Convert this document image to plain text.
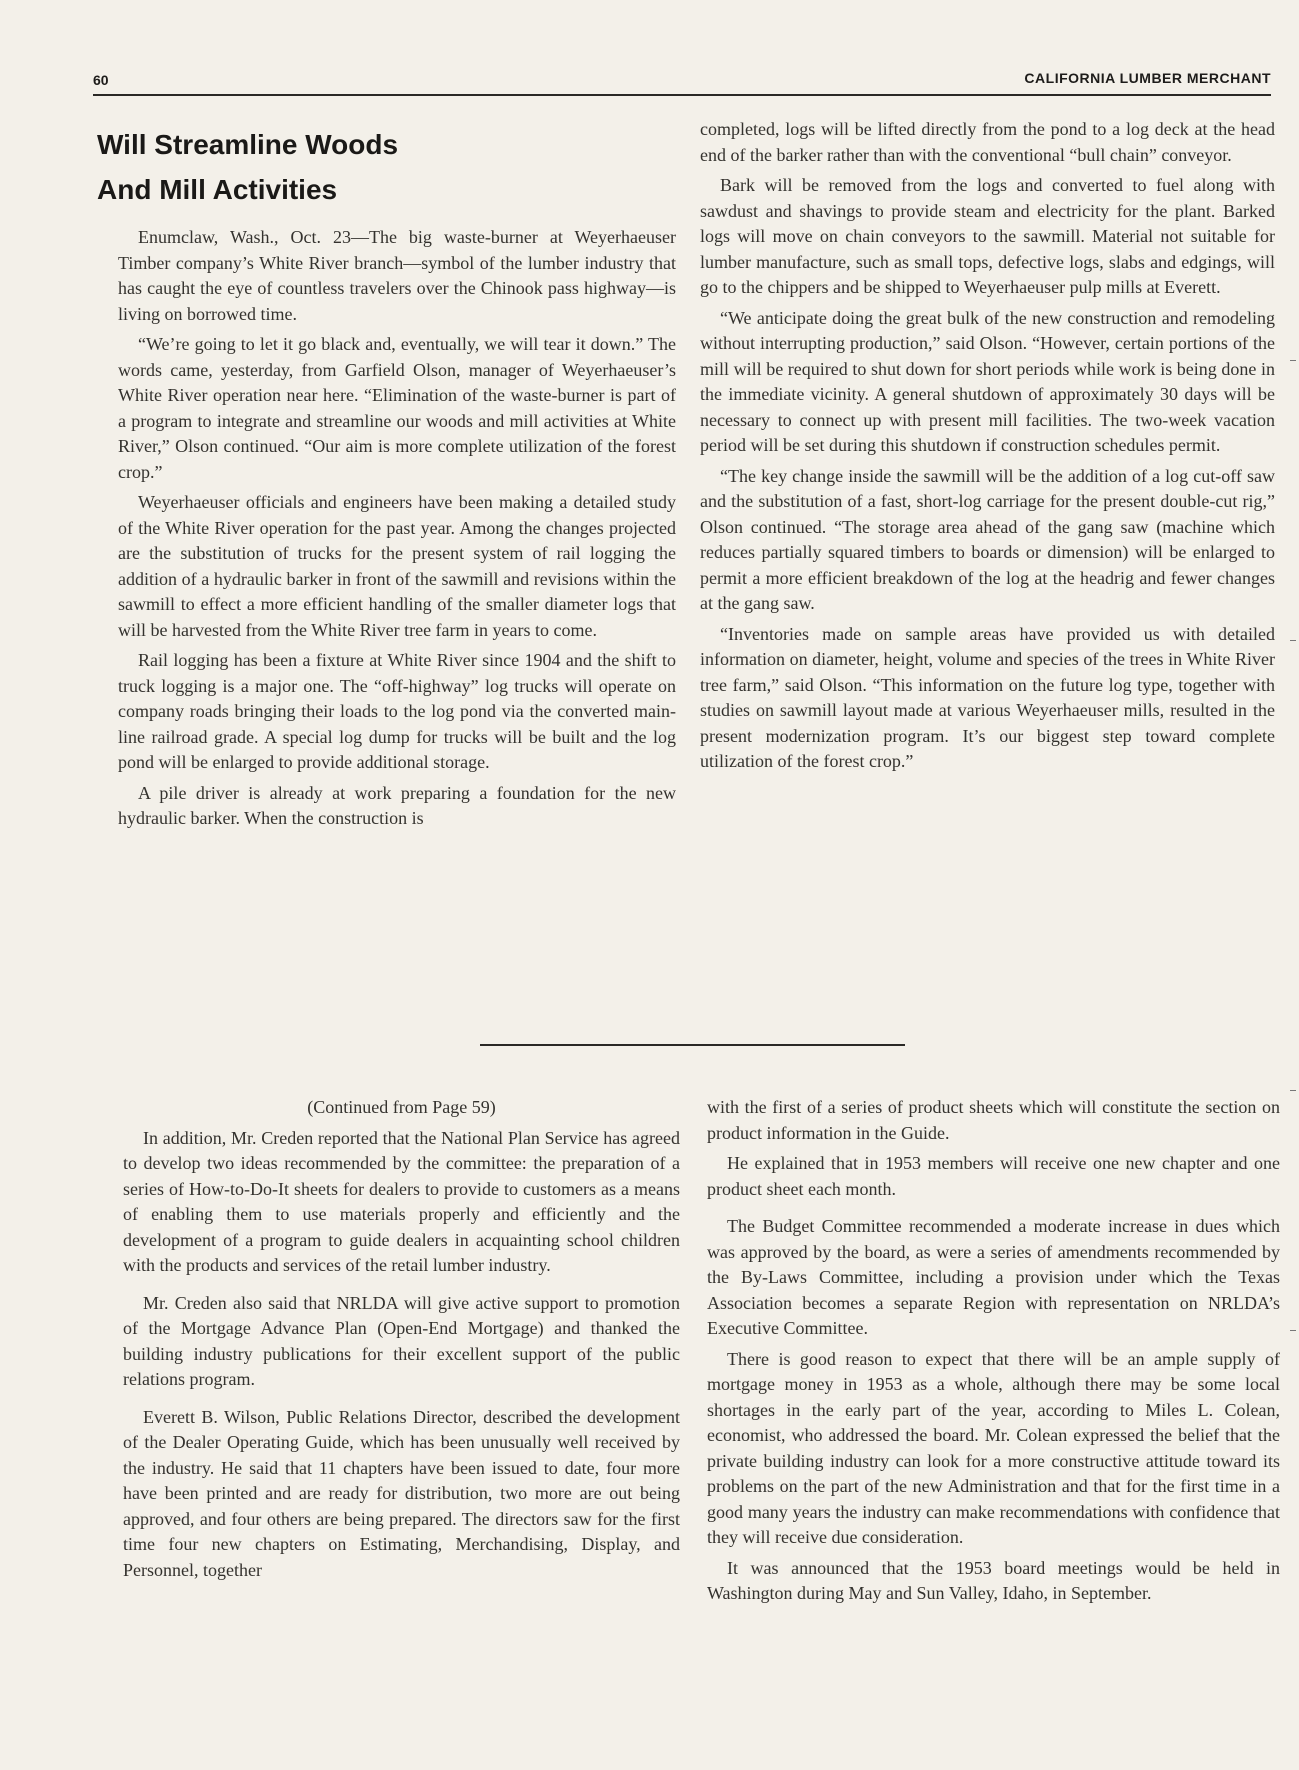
60	CALIFORNIA LUMBER MERCHANT
Will Streamline Woods
And Mill Activities

Enumclaw, Wash., Oct. 23—The big waste-burner at Weyerhaeuser Timber company’s White River branch—symbol of the lumber industry that has caught the eye of countless travelers over the Chinook pass highway—is living on borrowed time.

“We’re going to let it go black and, eventually, we will tear it down.” The words came, yesterday, from Garfield Olson, manager of Weyerhaeuser’s White River operation near here. “Elimination of the waste-burner is part of a program to integrate and streamline our woods and mill activities at White River,” Olson continued. “Our aim is more complete utilization of the forest crop.”

Weyerhaeuser officials and engineers have been making a detailed study of the White River operation for the past year. Among the changes projected are the substitution of trucks for the present system of rail logging the addition of a hydraulic barker in front of the sawmill and revisions within the sawmill to effect a more efficient handling of the smaller diameter logs that will be harvested from the White River tree farm in years to come.

Rail logging has been a fixture at White River since 1904 and the shift to truck logging is a major one. The “off-highway” log trucks will operate on company roads bringing their loads to the log pond via the converted main-line railroad grade. A special log dump for trucks will be built and the log pond will be enlarged to provide additional storage.

A pile driver is already at work preparing a foundation for the new hydraulic barker. When the construction is

completed, logs will be lifted directly from the pond to a log deck at the head end of the barker rather than with the conventional “bull chain” conveyor.

Bark will be removed from the logs and converted to fuel along with sawdust and shavings to provide steam and electricity for the plant. Barked logs will move on chain conveyors to the sawmill. Material not suitable for lumber manufacture, such as small tops, defective logs, slabs and edgings, will go to the chippers and be shipped to Weyerhaeuser pulp mills at Everett.

“We anticipate doing the great bulk of the new construction and remodeling without interrupting production,” said Olson. “However, certain portions of the mill will be required to shut down for short periods while work is being done in the immediate vicinity. A general shutdown of approximately 30 days will be necessary to connect up with present mill facilities. The two-week vacation period will be set during this shutdown if construction schedules permit.

“The key change inside the sawmill will be the addition of a log cut-off saw and the substitution of a fast, short-log carriage for the present double-cut rig,” Olson continued. “The storage area ahead of the gang saw (machine which reduces partially squared timbers to boards or dimension) will be enlarged to permit a more efficient breakdown of the log at the headrig and fewer changes at the gang saw.

“Inventories made on sample areas have provided us with detailed information on diameter, height, volume and species of the trees in White River tree farm,” said Olson. “This information on the future log type, together with studies on sawmill layout made at various Weyerhaeuser mills, resulted in the present modernization program. It’s our biggest step toward complete utilization of the forest crop.”

(Continued from Page 59)

In addition, Mr. Creden reported that the National Plan Service has agreed to develop two ideas recommended by the committee: the preparation of a series of How-to-Do-It sheets for dealers to provide to customers as a means of enabling them to use materials properly and efficiently and the development of a program to guide dealers in acquainting school children with the products and services of the retail lumber industry.

Mr. Creden also said that NRLDA will give active support to promotion of the Mortgage Advance Plan (Open-End Mortgage) and thanked the building industry publications for their excellent support of the public relations program.

Everett B. Wilson, Public Relations Director, described the development of the Dealer Operating Guide, which has been unusually well received by the industry. He said that 11 chapters have been issued to date, four more have been printed and are ready for distribution, two more are out being approved, and four others are being prepared. The directors saw for the first time four new chapters on Estimating, Merchandising, Display, and Personnel, together

with the first of a series of product sheets which will constitute the section on product information in the Guide.

He explained that in 1953 members will receive one new chapter and one product sheet each month.

The Budget Committee recommended a moderate increase in dues which was approved by the board, as were a series of amendments recommended by the By-Laws Committee, including a provision under which the Texas Association becomes a separate Region with representation on NRLDA’s Executive Committee.

There is good reason to expect that there will be an ample supply of mortgage money in 1953 as a whole, although there may be some local shortages in the early part of the year, according to Miles L. Colean, economist, who addressed the board. Mr. Colean expressed the belief that the private building industry can look for a more constructive attitude toward its problems on the part of the new Administration and that for the first time in a good many years the industry can make recommendations with confidence that they will receive due consideration.

It was announced that the 1953 board meetings would be held in Washington during May and Sun Valley, Idaho, in September.
